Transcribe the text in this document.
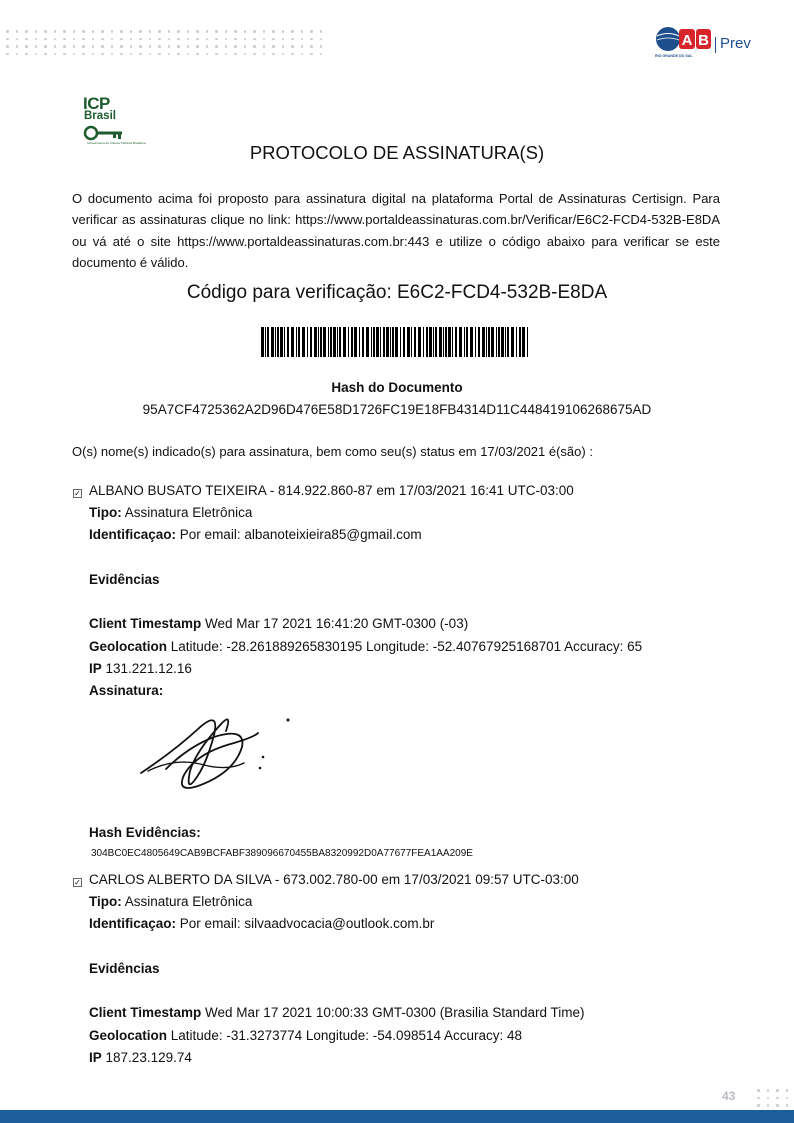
A B Prev
RIO GRANDE DO SUL
ICP
Brasil
Infraestrutura de Chaves Públicas Brasileira	PROTOCOLO DE ASSINATURA(S)
O documento acima foi proposto para assinatura digital na plataforma Portal de Assinaturas Certisign. Para verificar as assinaturas clique no link: https://www.portaldeassinaturas.com.br/Verificar/E6C2-FCD4-532B-E8DA ou vá até o site https://www.portaldeassinaturas.com.br:443 e utilize o código abaixo para verificar se este documento é válido.
Código para verificação: E6C2-FCD4-532B-E8DA
Hash do Documento
95A7CF4725362A2D96D476E58D1726FC19E18FB4314D11C448419106268675AD
O(s) nome(s) indicado(s) para assinatura, bem como seu(s) status em 17/03/2021 é(são) :
✓ ALBANO BUSATO TEIXEIRA - 814.922.860-87 em 17/03/2021 16:41 UTC-03:00
Tipo: Assinatura Eletrônica
Identificaçao: Por email: albanoteixieira85@gmail.com
Evidências
Client Timestamp Wed Mar 17 2021 16:41:20 GMT-0300 (-03)
Geolocation Latitude: -28.261889265830195 Longitude: -52.40767925168701 Accuracy: 65
IP 131.221.12.16
Assinatura:
Hash Evidências:
304BC0EC4805649CAB9BCFABF389096670455BA8320992D0A77677FEA1AA209E
✓ CARLOS ALBERTO DA SILVA - 673.002.780-00 em 17/03/2021 09:57 UTC-03:00
Tipo: Assinatura Eletrônica
Identificaçao: Por email: silvaadvocacia@outlook.com.br
Evidências
Client Timestamp Wed Mar 17 2021 10:00:33 GMT-0300 (Brasilia Standard Time)
Geolocation Latitude: -31.3273774 Longitude: -54.098514 Accuracy: 48
IP 187.23.129.74
43
